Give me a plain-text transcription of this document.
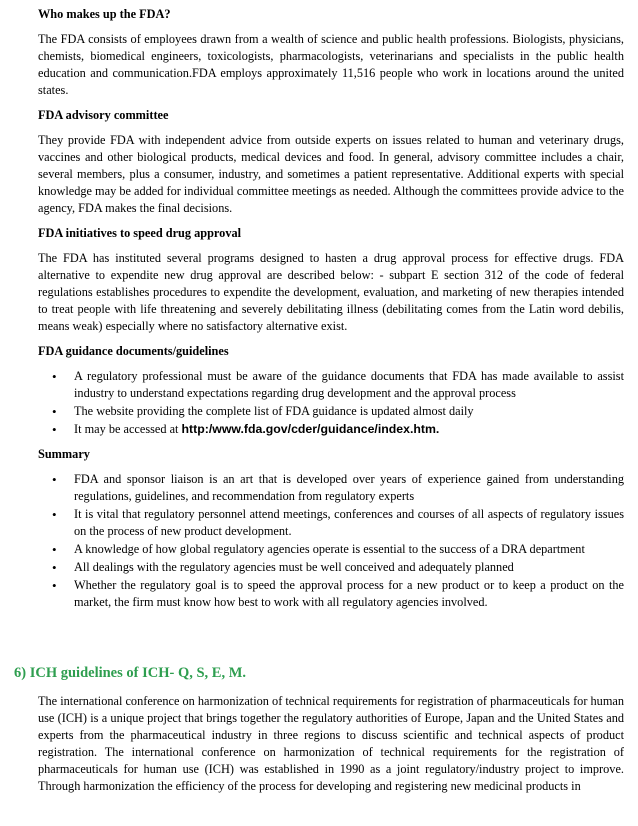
Who makes up the FDA?

The FDA consists of employees drawn from a wealth of science and public health professions. Biologists, physicians, chemists, biomedical engineers, toxicologists, pharmacologists, veterinarians and specialists in the public health education and communication.FDA employs approximately 11,516 people who work in locations around the united states.

FDA advisory committee

They provide FDA with independent advice from outside experts on issues related to human and veterinary drugs, vaccines and other biological products, medical devices and food. In general, advisory committee includes a chair, several members, plus a consumer, industry, and sometimes a patient representative. Additional experts with special knowledge may be added for individual committee meetings as needed. Although the committees provide advice to the agency, FDA makes the final decisions.

FDA initiatives to speed drug approval

The FDA has instituted several programs designed to hasten a drug approval process for effective drugs. FDA alternative to expendite new drug approval are described below: - subpart E section 312 of the code of federal regulations establishes procedures to expendite the development, evaluation, and marketing of new therapies intended to treat people with life threatening and severely debilitating illness (debilitating comes from the Latin word debilis, means weak) especially where no satisfactory alternative exist.

FDA guidance documents/guidelines
• A regulatory professional must be aware of the guidance documents that FDA has made available to assist industry to understand expectations regarding drug development and the approval process
• The website providing the complete list of FDA guidance is updated almost daily
• It may be accessed at http:/www.fda.gov/cder/guidance/index.htm.
Summary
• FDA and sponsor liaison is an art that is developed over years of experience gained from understanding regulations, guidelines, and recommendation from regulatory experts
• It is vital that regulatory personnel attend meetings, conferences and courses of all aspects of regulatory issues on the process of new product development.
• A knowledge of how global regulatory agencies operate is essential to the success of a DRA department
• All dealings with the regulatory agencies must be well conceived and adequately planned
• Whether the regulatory goal is to speed the approval process for a new product or to keep a product on the market, the firm must know how best to work with all regulatory agencies involved.
6) ICH guidelines of ICH- Q, S, E, M.

The international conference on harmonization of technical requirements for registration of pharmaceuticals for human use (ICH) is a unique project that brings together the regulatory authorities of Europe, Japan and the United States and experts from the pharmaceutical industry in three regions to discuss scientific and technical aspects of product registration. The international conference on harmonization of technical requirements for the registration of pharmaceuticals for human use (ICH) was established in 1990 as a joint regulatory/industry project to improve. Through harmonization the efficiency of the process for developing and registering new medicinal products in
